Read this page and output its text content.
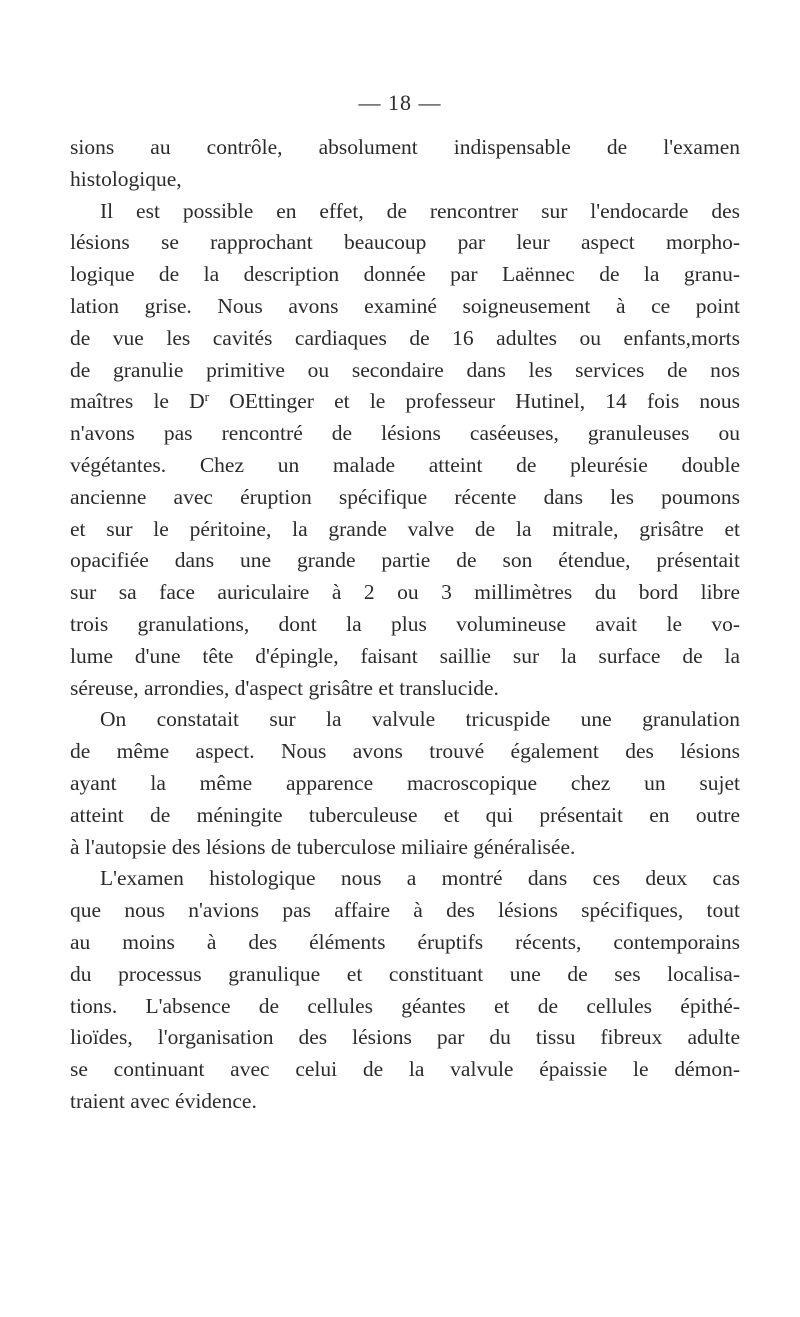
— 18 —
sions au contrôle, absolument indispensable de l'examen
histologique,
Il est possible en effet, de rencontrer sur l'endocarde des
lésions se rapprochant beaucoup par leur aspect morpho-
logique de la description donnée par Laënnec de la granu-
lation grise. Nous avons examiné soigneusement à ce point
de vue les cavités cardiaques de 16 adultes ou enfants,morts
de granulie primitive ou secondaire dans les services de nos
maîtres le $D^r$ OEttinger et le professeur Hutinel, 14 fois nous
n'avons pas rencontré de lésions caséeuses, granuleuses ou
végétantes. Chez un malade atteint de pleurésie double
ancienne avec éruption spécifique récente dans les poumons
et sur le péritoine, la grande valve de la mitrale, grisâtre et
opacifiée dans une grande partie de son étendue, présentait
sur sa face auriculaire à 2 ou 3 millimètres du bord libre
trois granulations, dont la plus volumineuse avait le vo-
lume d'une tête d'épingle, faisant saillie sur la surface de la
séreuse, arrondies, d'aspect grisâtre et translucide.
On constatait sur la valvule tricuspide une granulation
de même aspect. Nous avons trouvé également des lésions
ayant la même apparence macroscopique chez un sujet
atteint de méningite tuberculeuse et qui présentait en outre
à l'autopsie des lésions de tuberculose miliaire généralisée.
L'examen histologique nous a montré dans ces deux cas
que nous n'avions pas affaire à des lésions spécifiques, tout
au moins à des éléments éruptifs récents, contemporains
du processus granulique et constituant une de ses localisa-
tions. L'absence de cellules géantes et de cellules épithé-
lioïdes, l'organisation des lésions par du tissu fibreux adulte
se continuant avec celui de la valvule épaissie le démon-
traient avec évidence.
